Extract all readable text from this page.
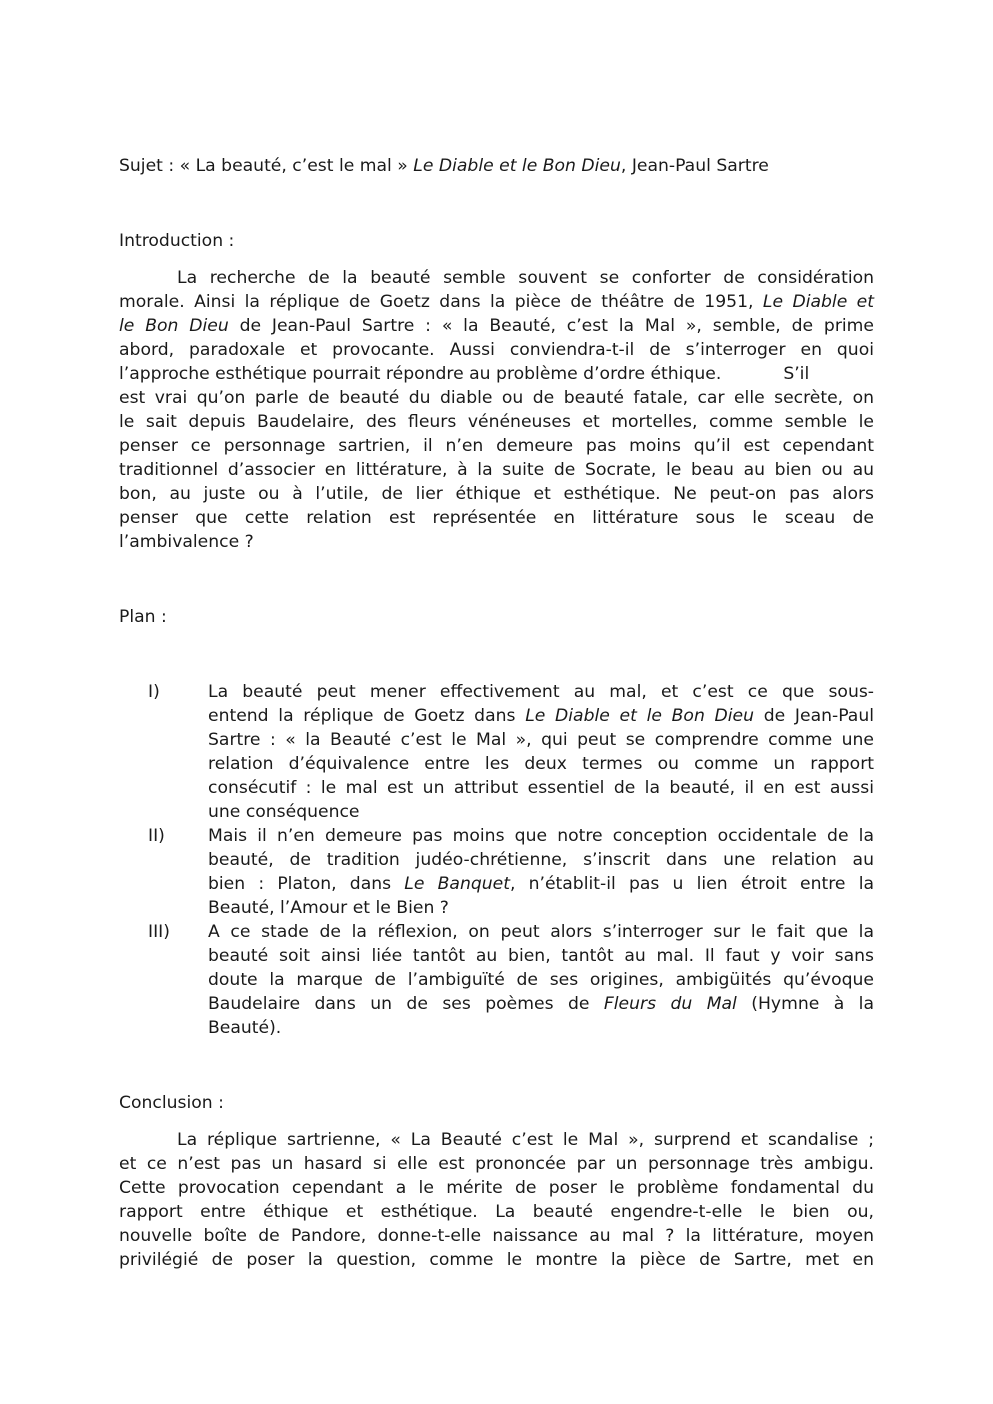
Sujet : « La beauté, c’est le mal » Le Diable et le Bon Dieu, Jean-Paul Sartre
Introduction :
La recherche de la beauté semble souvent se conforter de considération
morale. Ainsi la réplique de Goetz dans la pièce de théâtre de 1951, Le Diable et
le Bon Dieu de Jean-Paul Sartre : « la Beauté, c’est la Mal », semble, de prime
abord, paradoxale et provocante. Aussi conviendra-t-il de s’interroger en quoi
l’approche esthétique pourrait répondre au problème d’ordre éthique.	S’il
est vrai qu’on parle de beauté du diable ou de beauté fatale, car elle secrète, on
le sait depuis Baudelaire, des fleurs vénéneuses et mortelles, comme semble le
penser ce personnage sartrien, il n’en demeure pas moins qu’il est cependant
traditionnel d’associer en littérature, à la suite de Socrate, le beau au bien ou au
bon, au juste ou à l’utile, de lier éthique et esthétique. Ne peut-on pas alors
penser que cette relation est représentée en littérature sous le sceau de
l’ambivalence ?
Plan :
I)	La beauté peut mener effectivement au mal, et c’est ce que sous-
entend la réplique de Goetz dans Le Diable et le Bon Dieu de Jean-Paul
Sartre : « la Beauté c’est le Mal », qui peut se comprendre comme une
relation d’équivalence entre les deux termes ou comme un rapport
consécutif : le mal est un attribut essentiel de la beauté, il en est aussi
une conséquence
II)	Mais il n’en demeure pas moins que notre conception occidentale de la
beauté, de tradition judéo-chrétienne, s’inscrit dans une relation au
bien : Platon, dans Le Banquet, n’établit-il pas u lien étroit entre la
Beauté, l’Amour et le Bien ?
III) A ce stade de la réflexion, on peut alors s’interroger sur le fait que la
beauté soit ainsi liée tantôt au bien, tantôt au mal. Il faut y voir sans
doute la marque de l’ambiguïté de ses origines, ambigüités qu’évoque
Baudelaire dans un de ses poèmes de Fleurs du Mal (Hymne à la
Beauté).
Conclusion :
La réplique sartrienne, « La Beauté c’est le Mal », surprend et scandalise ;
et ce n’est pas un hasard si elle est prononcée par un personnage très ambigu.
Cette provocation cependant a le mérite de poser le problème fondamental du
rapport entre éthique et esthétique. La beauté engendre-t-elle le bien ou,
nouvelle boîte de Pandore, donne-t-elle naissance au mal ? la littérature, moyen
privilégié de poser la question, comme le montre la pièce de Sartre, met en
